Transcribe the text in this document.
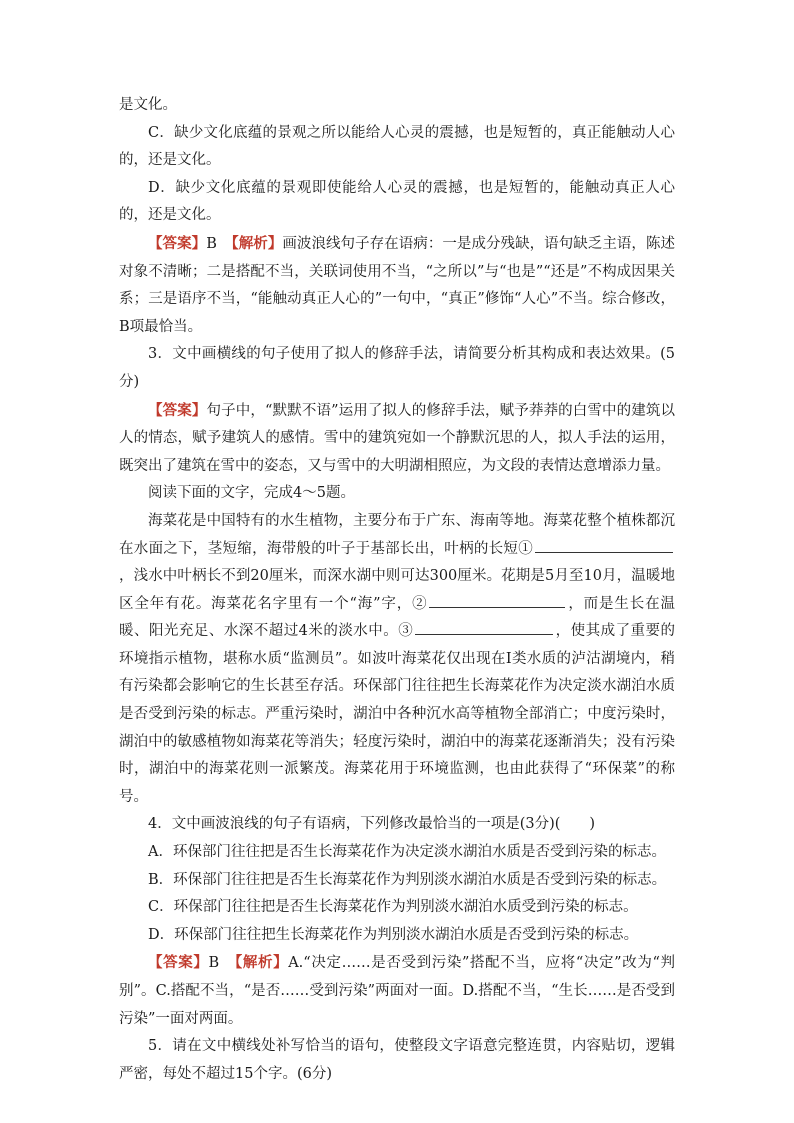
是文化。

C．缺少文化底蕴的景观之所以能给人心灵的震撼，也是短暂的，真正能触动人心的，还是文化。

D．缺少文化底蕴的景观即使能给人心灵的震撼，也是短暂的，能触动真正人心的，还是文化。

【答案】B　【解析】画波浪线句子存在语病：一是成分残缺，语句缺乏主语，陈述对象不清晰；二是搭配不当，关联词使用不当，“之所以”与“也是”“还是”不构成因果关系；三是语序不当，“能触动真正人心的”一句中，“真正”修饰“人心”不当。综合修改，B项最恰当。

3．文中画横线的句子使用了拟人的修辞手法，请简要分析其构成和表达效果。(5分)

【答案】句子中，“默默不语”运用了拟人的修辞手法，赋予莽莽的白雪中的建筑以人的情态，赋予建筑人的感情。雪中的建筑宛如一个静默沉思的人，拟人手法的运用，既突出了建筑在雪中的姿态，又与雪中的大明湖相照应，为文段的表情达意增添力量。

阅读下面的文字，完成4～5题。

海菜花是中国特有的水生植物，主要分布于广东、海南等地。海菜花整个植株都沉在水面之下，茎短缩，海带般的叶子于基部长出，叶柄的长短①，浅水中叶柄长不到20厘米，而深水湖中则可达300厘米。花期是5月至10月，温暖地区全年有花。海菜花名字里有一个“海”字，②	，而是生长在温暖、阳光充足、水深不超过4米的淡水中。③	，使其成了重要的环境指示植物，堪称水质“监测员”。如波叶海菜花仅出现在Ⅰ类水质的泸沽湖境内，稍有污染都会影响它的生长甚至存活。环保部门往往把生长海菜花作为决定淡水湖泊水质是否受到污染的标志。严重污染时，湖泊中各种沉水高等植物全部消亡；中度污染时，湖泊中的敏感植物如海菜花等消失；轻度污染时，湖泊中的海菜花逐渐消失；没有污染时，湖泊中的海菜花则一派繁茂。海菜花用于环境监测，也由此获得了“环保菜”的称号。

4．文中画波浪线的句子有语病，下列修改最恰当的一项是(3分)(　　)

A．环保部门往往把是否生长海菜花作为决定淡水湖泊水质是否受到污染的标志。

B．环保部门往往把是否生长海菜花作为判别淡水湖泊水质是否受到污染的标志。

C．环保部门往往把是否生长海菜花作为判别淡水湖泊水质受到污染的标志。

D．环保部门往往把生长海菜花作为判别淡水湖泊水质是否受到污染的标志。

【答案】B　【解析】A.“决定……是否受到污染”搭配不当，应将“决定”改为“判别”。C.搭配不当，“是否……受到污染”两面对一面。D.搭配不当，“生长……是否受到污染”一面对两面。

5．请在文中横线处补写恰当的语句，使整段文字语意完整连贯，内容贴切，逻辑严密，每处不超过15个字。(6分)
